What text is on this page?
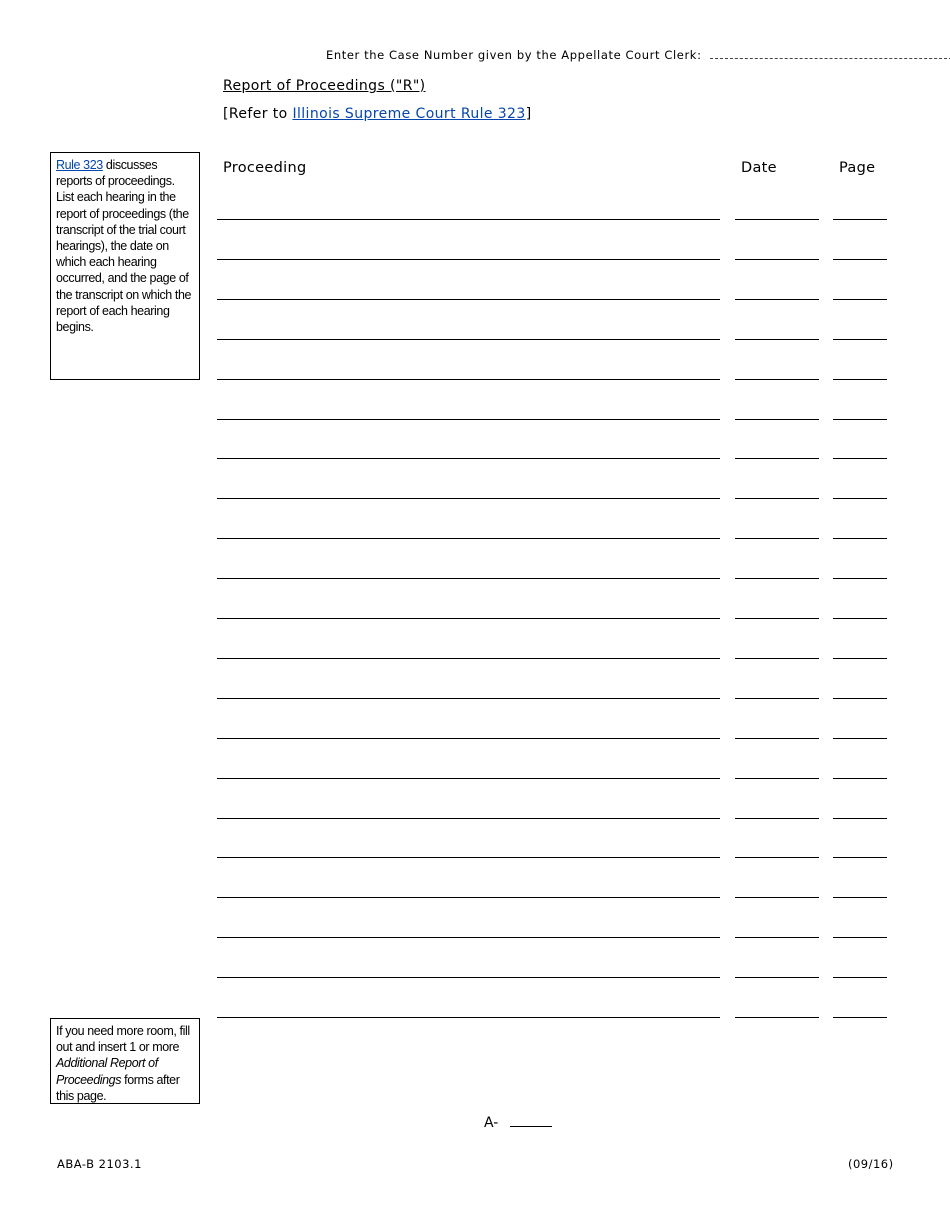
Enter the Case Number given by the Appellate Court Clerk:
Report of Proceedings ("R")
[Refer to Illinois Supreme Court Rule 323]
Rule 323 discusses reports of proceedings. List each hearing in the report of proceedings (the transcript of the trial court hearings), the date on which each hearing occurred, and the page of the transcript on which the report of each hearing begins.
Proceeding	Date	Page
If you need more room, fill out and insert 1 or more Additional Report of Proceedings forms after this page.
A-
ABA-B 2103.1	(09/16)
